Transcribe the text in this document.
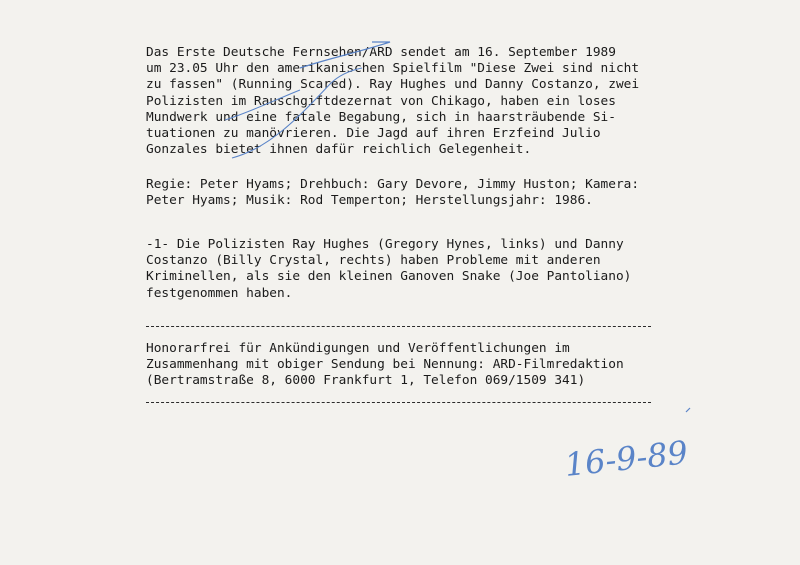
Das Erste Deutsche Fernsehen/ARD sendet am 16. September 1989
um 23.05 Uhr den amerikanischen Spielfilm "Diese Zwei sind nicht
zu fassen" (Running Scared). Ray Hughes und Danny Costanzo, zwei
Polizisten im Rauschgiftdezernat von Chikago, haben ein loses
Mundwerk und eine fatale Begabung, sich in haarsträubende Si-
tuationen zu manövrieren. Die Jagd auf ihren Erzfeind Julio
Gonzales bietet ihnen dafür reichlich Gelegenheit.
Regie: Peter Hyams; Drehbuch: Gary Devore, Jimmy Huston; Kamera:
Peter Hyams; Musik: Rod Temperton; Herstellungsjahr: 1986.
-1- Die Polizisten Ray Hughes (Gregory Hynes, links) und Danny
Costanzo (Billy Crystal, rechts) haben Probleme mit anderen
Kriminellen, als sie den kleinen Ganoven Snake (Joe Pantoliano)
festgenommen haben.
Honorarfrei für Ankündigungen und Veröffentlichungen im
Zusammenhang mit obiger Sendung bei Nennung: ARD-Filmredaktion
(Bertramstraße 8, 6000 Frankfurt 1, Telefon 069/1509 341)
16-9-89
